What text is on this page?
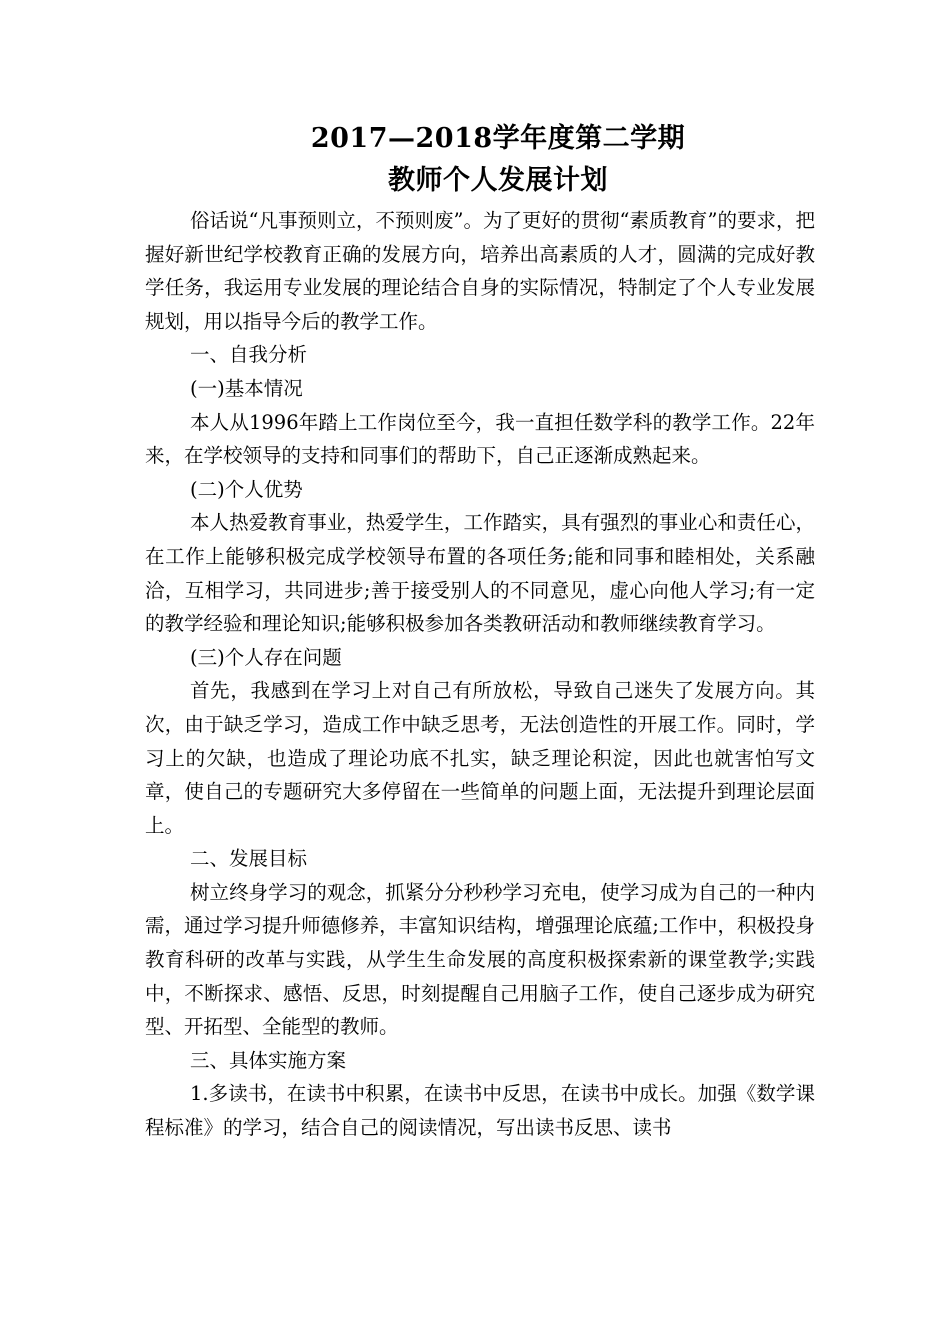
2017—2018学年度第二学期
教师个人发展计划

俗话说“凡事预则立，不预则废”。为了更好的贯彻“素质教育”的要求，把握好新世纪学校教育正确的发展方向，培养出高素质的人才，圆满的完成好教学任务，我运用专业发展的理论结合自身的实际情况，特制定了个人专业发展规划，用以指导今后的教学工作。

一、自我分析

(一)基本情况

本人从1996年踏上工作岗位至今，我一直担任数学科的教学工作。22年来，在学校领导的支持和同事们的帮助下，自己正逐渐成熟起来。

(二)个人优势

本人热爱教育事业，热爱学生，工作踏实，具有强烈的事业心和责任心，在工作上能够积极完成学校领导布置的各项任务;能和同事和睦相处，关系融洽，互相学习，共同进步;善于接受别人的不同意见，虚心向他人学习;有一定的教学经验和理论知识;能够积极参加各类教研活动和教师继续教育学习。

(三)个人存在问题

首先，我感到在学习上对自己有所放松，导致自己迷失了发展方向。其次，由于缺乏学习，造成工作中缺乏思考，无法创造性的开展工作。同时，学习上的欠缺，也造成了理论功底不扎实，缺乏理论积淀，因此也就害怕写文章，使自己的专题研究大多停留在一些简单的问题上面，无法提升到理论层面上。

二、发展目标

树立终身学习的观念，抓紧分分秒秒学习充电，使学习成为自己的一种内需，通过学习提升师德修养，丰富知识结构，增强理论底蕴;工作中，积极投身教育科研的改革与实践，从学生生命发展的高度积极探索新的课堂教学;实践中，不断探求、感悟、反思，时刻提醒自己用脑子工作，使自己逐步成为研究型、开拓型、全能型的教师。

三、具体实施方案

1.多读书，在读书中积累，在读书中反思，在读书中成长。加强《数学课程标准》的学习，结合自己的阅读情况，写出读书反思、读书
